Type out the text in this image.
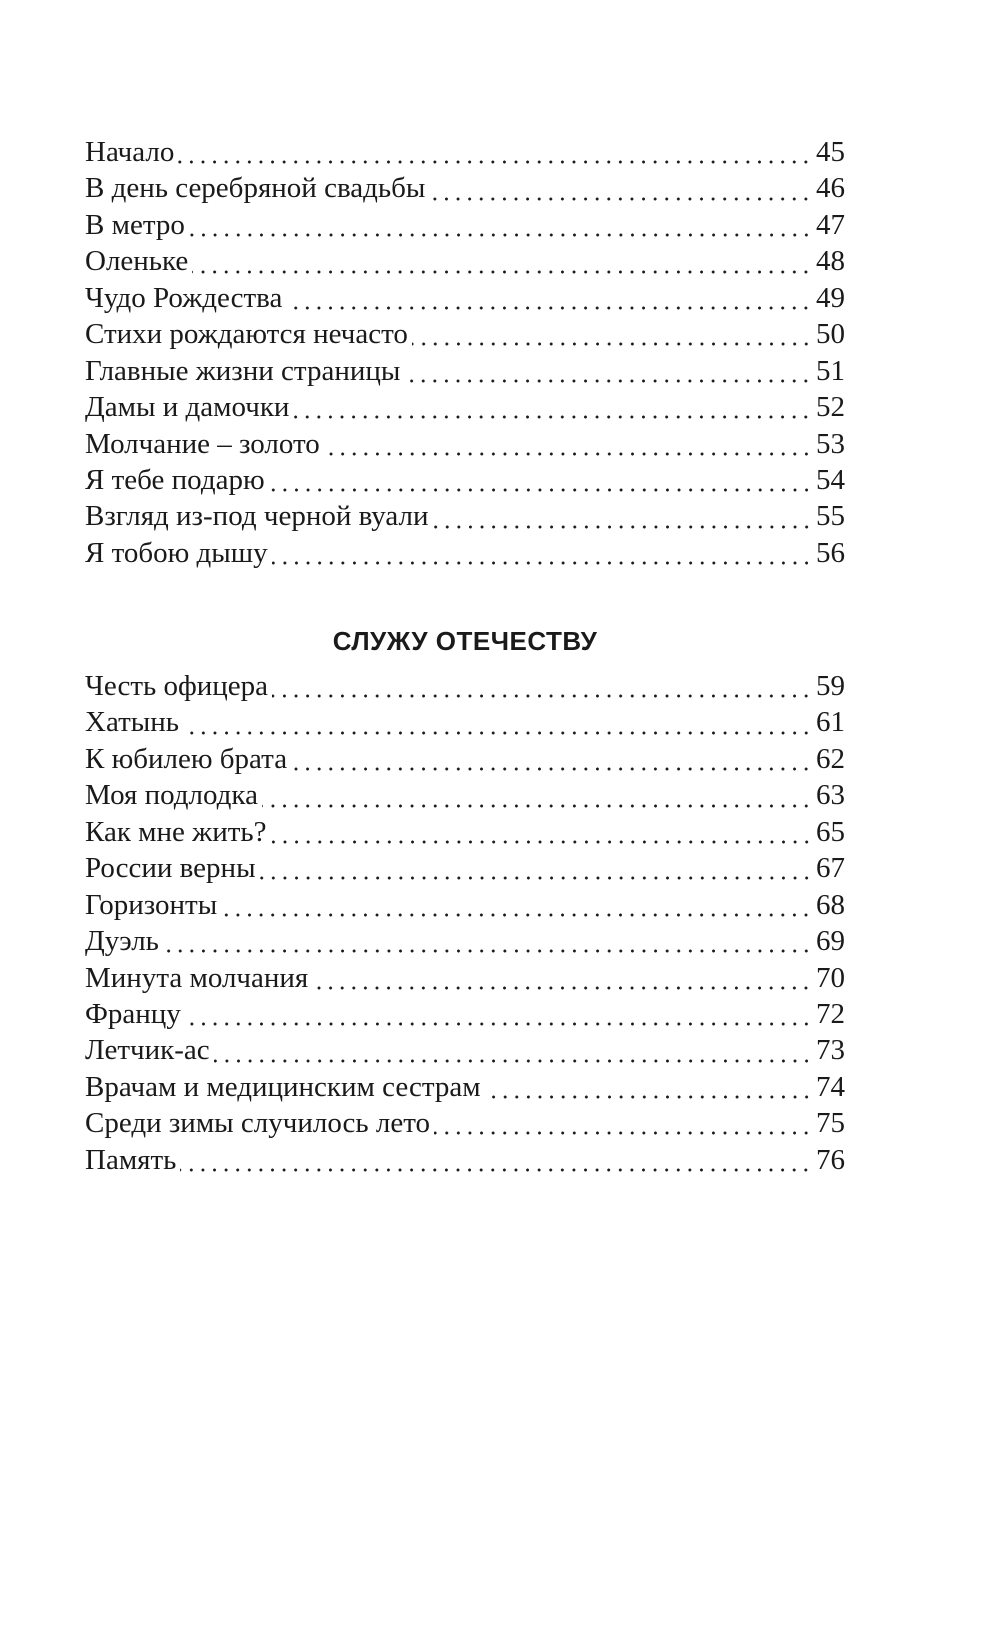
Начало	45
В день серебряной свадьбы	46
В метро	47
Оленьке	48
Чудо Рождества	49
Стихи рождаются нечасто	50
Главные жизни страницы	51
Дамы и дамочки	52
Молчание – золото	53
Я тебе подарю	54
Взгляд из-под черной вуали	55
Я тобою дышу	56
СЛУЖУ ОТЕЧЕСТВУ
Честь офицера	59
Хатынь	61
К юбилею брата	62
Моя подлодка	63
Как мне жить?	65
России верны	67
Горизонты	68
Дуэль	69
Минута молчания	70
Францу	72
Летчик-ас	73
Врачам и медицинским сестрам	74
Среди зимы случилось лето	75
Память	76
